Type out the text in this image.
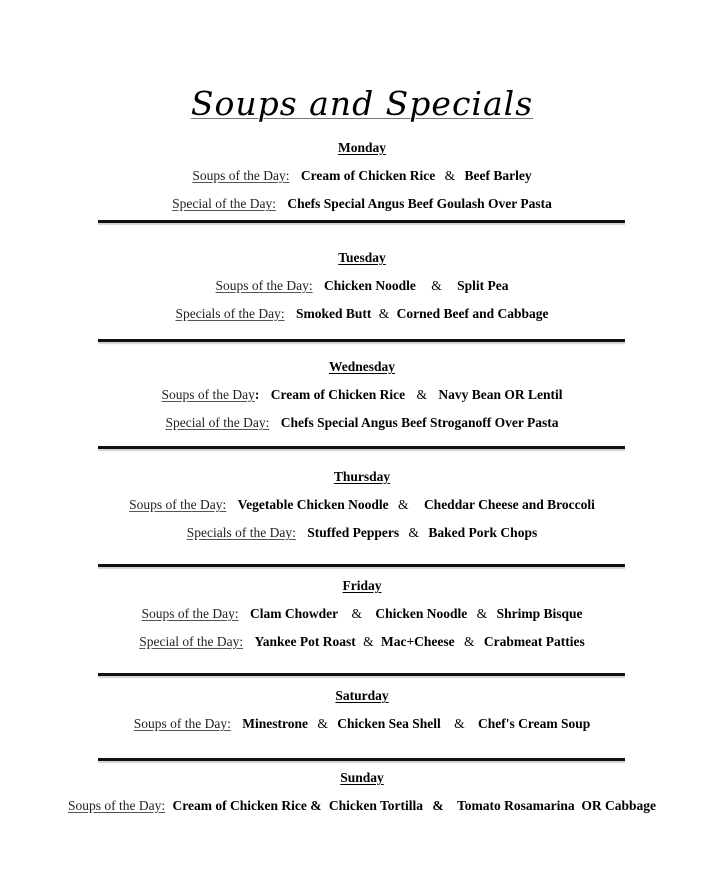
Soups and Specials
Monday
Soups of the Day: Cream of Chicken Rice & Beef Barley
Special of the Day: Chefs Special Angus Beef Goulash Over Pasta
Tuesday
Soups of the Day: Chicken Noodle & Split Pea
Specials of the Day: Smoked Butt & Corned Beef and Cabbage
Wednesday
Soups of the Day: Cream of Chicken Rice & Navy Bean OR Lentil
Special of the Day: Chefs Special Angus Beef Stroganoff Over Pasta
Thursday
Soups of the Day: Vegetable Chicken Noodle & Cheddar Cheese and Broccoli
Specials of the Day: Stuffed Peppers & Baked Pork Chops
Friday
Soups of the Day: Clam Chowder & Chicken Noodle & Shrimp Bisque
Special of the Day: Yankee Pot Roast & Mac+Cheese & Crabmeat Patties
Saturday
Soups of the Day: Minestrone & Chicken Sea Shell & Chef's Cream Soup
Sunday
Soups of the Day: Cream of Chicken Rice & Chicken Tortilla & Tomato Rosamarina  OR Cabbage
